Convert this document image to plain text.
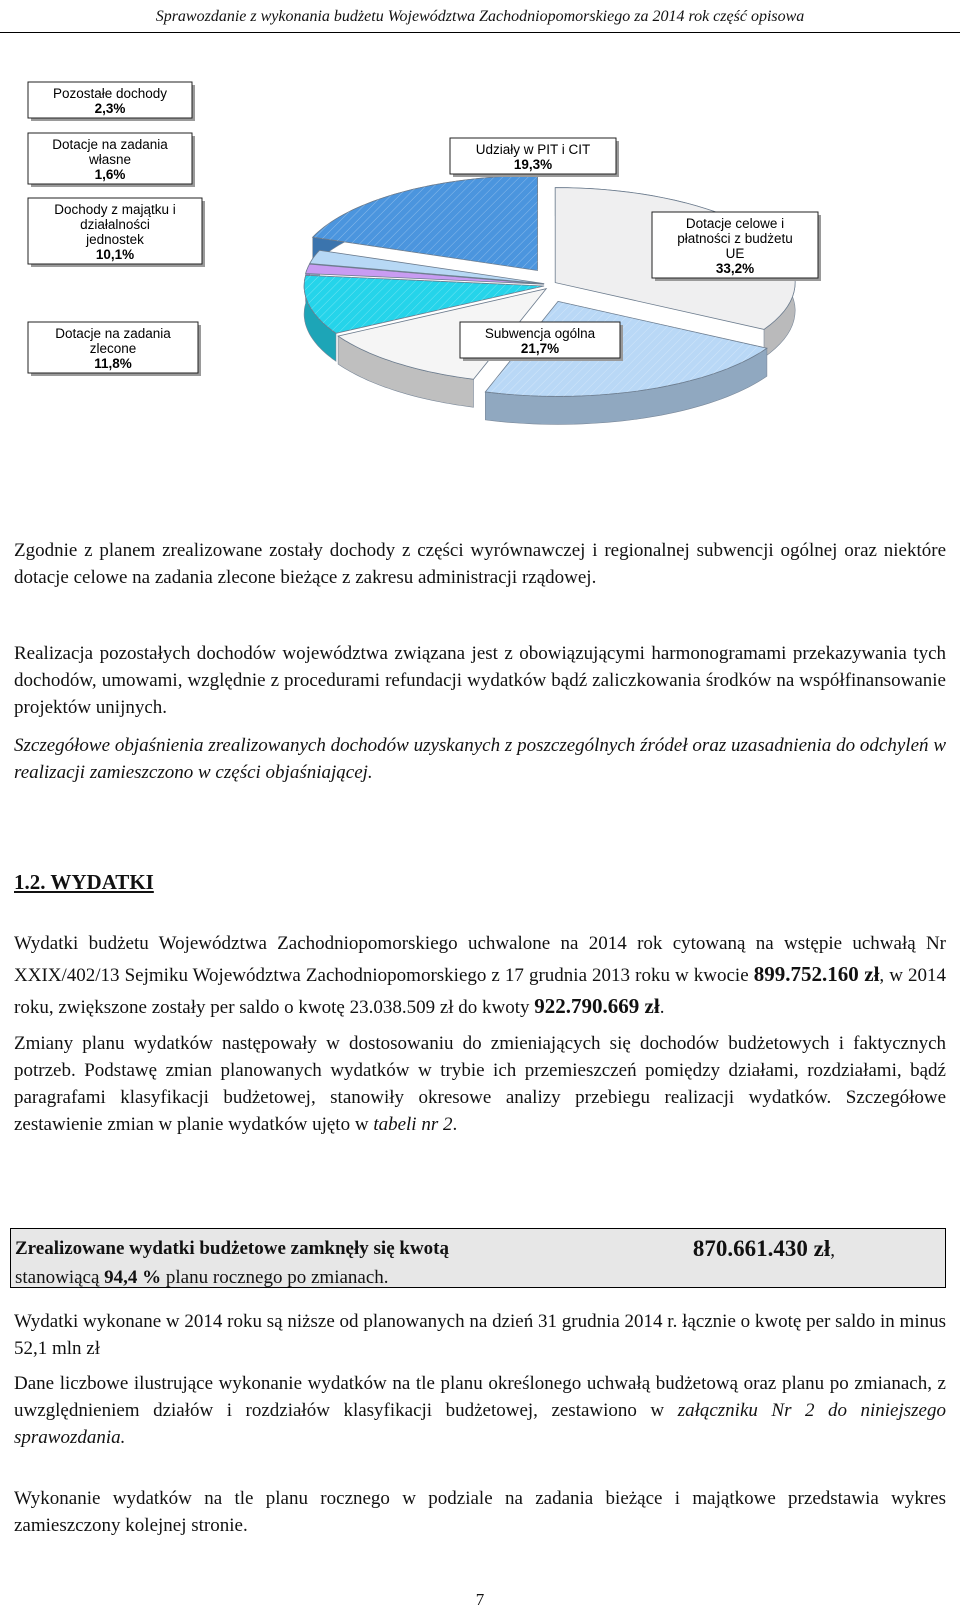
Sprawozdanie z wykonania budżetu Województwa Zachodniopomorskiego za 2014 rok część opisowa
Dotacje celowe i
płatności z budżetu
UE
33,2%
Subwencja ogólna
21,7%
Dotacje na zadania
zlecone
11,8%
Dochody z majątku i
działalności
jednostek
10,1%
Dotacje na zadania
własne
1,6%
Pozostałe dochody
2,3%
Udziały w PIT i CIT
19,3%

Zgodnie z planem zrealizowane zostały dochody z części wyrównawczej i regionalnej subwencji ogólnej oraz niektóre dotacje celowe na zadania zlecone bieżące z zakresu administracji rządowej.

Realizacja pozostałych dochodów województwa związana jest z obowiązującymi harmonogramami przekazywania tych dochodów, umowami, względnie z procedurami refundacji wydatków bądź zaliczkowania środków na współfinansowanie projektów unijnych.

Szczegółowe objaśnienia zrealizowanych dochodów uzyskanych z poszczególnych źródeł oraz uzasadnienia do odchyleń w realizacji zamieszczono w części objaśniającej.

1.2. WYDATKI

Wydatki budżetu Województwa Zachodniopomorskiego uchwalone na 2014 rok cytowaną na wstępie uchwałą Nr XXIX/402/13 Sejmiku Województwa Zachodniopomorskiego z 17 grudnia 2013 roku w kwocie 899.752.160 zł, w 2014 roku, zwiększone zostały per saldo o kwotę 23.038.509 zł do kwoty 922.790.669 zł.

Zmiany planu wydatków następowały w dostosowaniu do zmieniających się dochodów budżetowych i faktycznych potrzeb. Podstawę zmian planowanych wydatków w trybie ich przemieszczeń pomiędzy działami, rozdziałami, bądź paragrafami klasyfikacji budżetowej, stanowiły okresowe analizy przebiegu realizacji wydatków. Szczegółowe zestawienie zmian w planie wydatków ujęto w tabeli nr 2.

Zrealizowane wydatki budżetowe zamknęły się kwotą	870.661.430 zł,
stanowiącą 94,4 % planu rocznego po zmianach.

Wydatki wykonane w 2014 roku są niższe od planowanych na dzień 31 grudnia 2014 r. łącznie o kwotę per saldo in minus 52,1 mln zł

Dane liczbowe ilustrujące wykonanie wydatków na tle planu określonego uchwałą budżetową oraz planu po zmianach, z uwzględnieniem działów i rozdziałów klasyfikacji budżetowej, zestawiono w załączniku Nr 2 do niniejszego sprawozdania.

Wykonanie wydatków na tle planu rocznego w podziale na zadania bieżące i majątkowe przedstawia wykres zamieszczony kolejnej stronie.

7
